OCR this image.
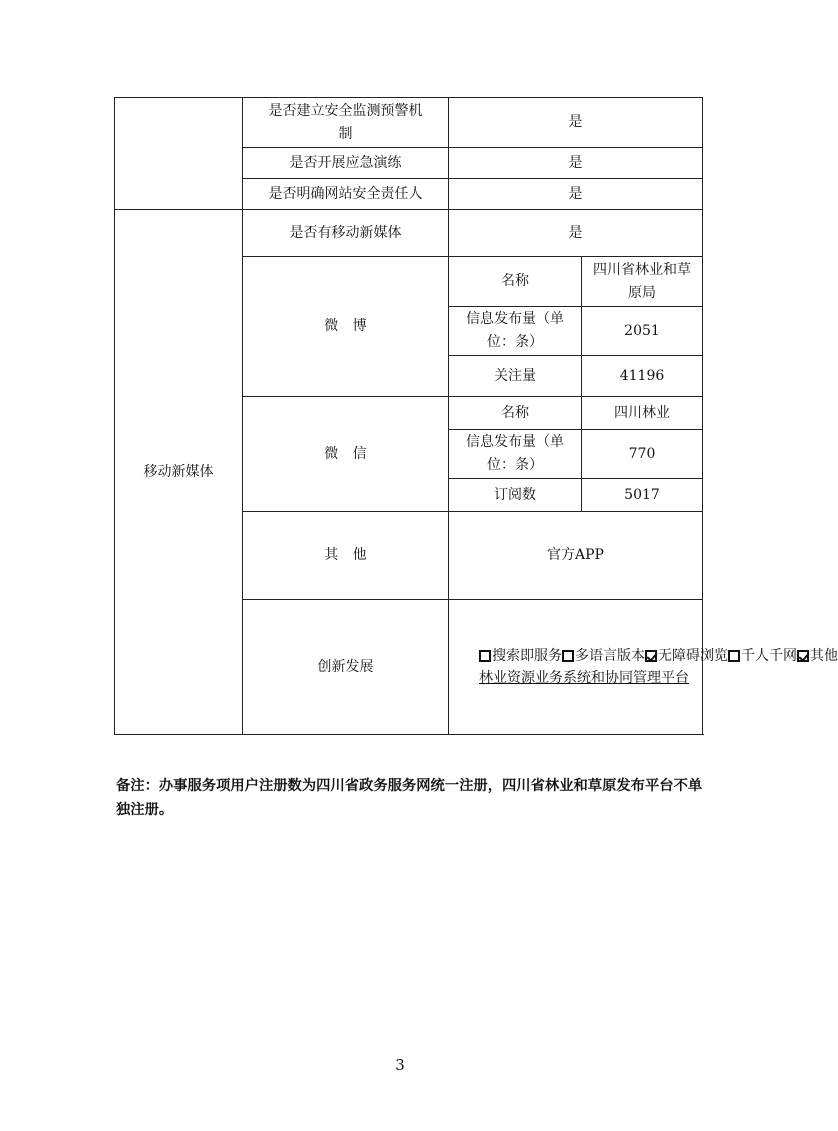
	是否建立安全监测预警机制	是	
	是否开展应急演练	是	
	是否明确网站安全责任人	是	
移动新媒体	是否有移动新媒体	是	
	微　博	名称	四川省林业和草原局
		信息发布量（单位：条）	2051
		关注量	41196
	微　信	名称	四川林业
		信息发布量（单位：条）	770
		订阅数	5017
	其　他	官方APP	
	创新发展	搜索即服务 多语言版本 无障碍浏览 千人千网 其他
林业资源业务系统和协同管理平台	
备注：办事服务项用户注册数为四川省政务服务网统一注册，四川省林业和草原发布平台不单独注册。
3
